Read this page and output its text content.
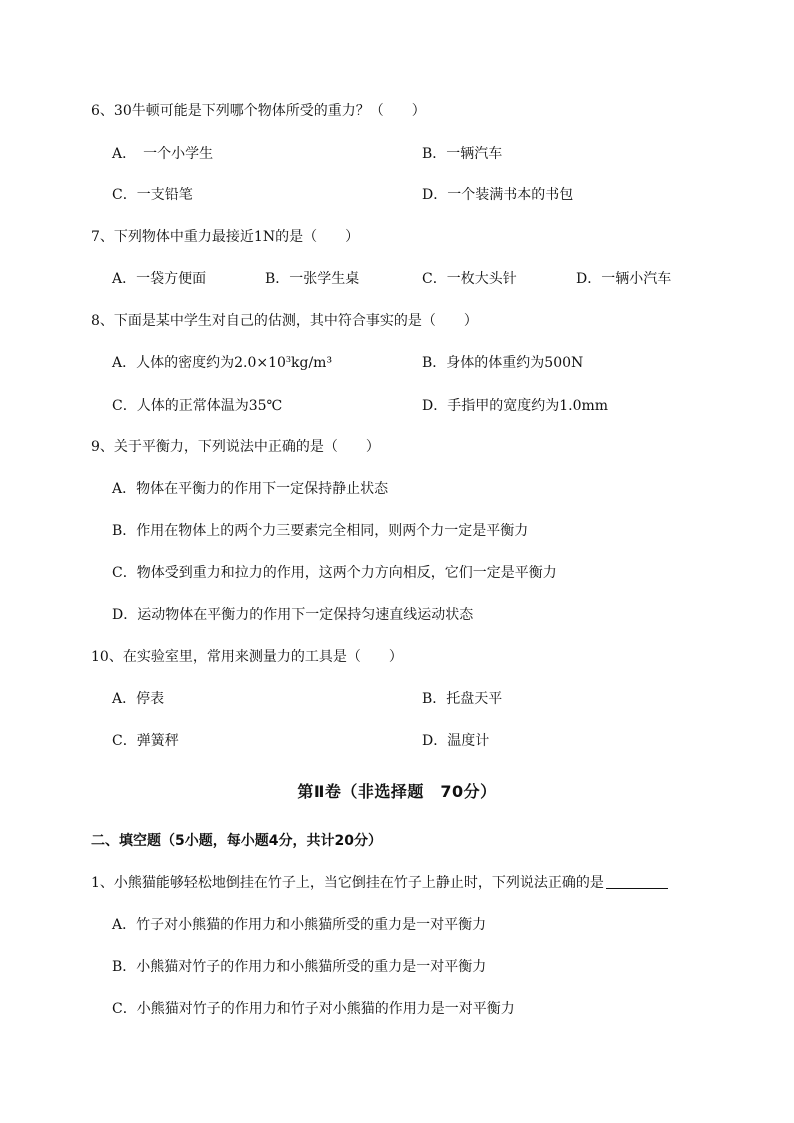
6、30牛顿可能是下列哪个物体所受的重力？（　　）
A．　一个小学生	B．一辆汽车
C．一支铅笔	D．一个装满书本的书包
7、下列物体中重力最接近1N的是（　　）
A．一袋方便面	B．一张学生桌	C．一枚大头针	D．一辆小汽车
8、下面是某中学生对自己的估测，其中符合事实的是（　　）
A．人体的密度约为$2.0\times 10^3kg/m^3$	B．身体的体重约为500N
C．人体的正常体温为35℃	D．手指甲的宽度约为1.0mm
9、关于平衡力，下列说法中正确的是（　　）
A．物体在平衡力的作用下一定保持静止状态
B．作用在物体上的两个力三要素完全相同，则两个力一定是平衡力
C．物体受到重力和拉力的作用，这两个力方向相反，它们一定是平衡力
D．运动物体在平衡力的作用下一定保持匀速直线运动状态
10、在实验室里，常用来测量力的工具是（　　）
A．停表	B．托盘天平
C．弹簧秤	D．温度计
第Ⅱ卷（非选择题　70分）
二、填空题（5小题，每小题4分，共计20分）
1、小熊猫能够轻松地倒挂在竹子上，当它倒挂在竹子上静止时，下列说法正确的是
A．竹子对小熊猫的作用力和小熊猫所受的重力是一对平衡力
B．小熊猫对竹子的作用力和小熊猫所受的重力是一对平衡力
C．小熊猫对竹子的作用力和竹子对小熊猫的作用力是一对平衡力
